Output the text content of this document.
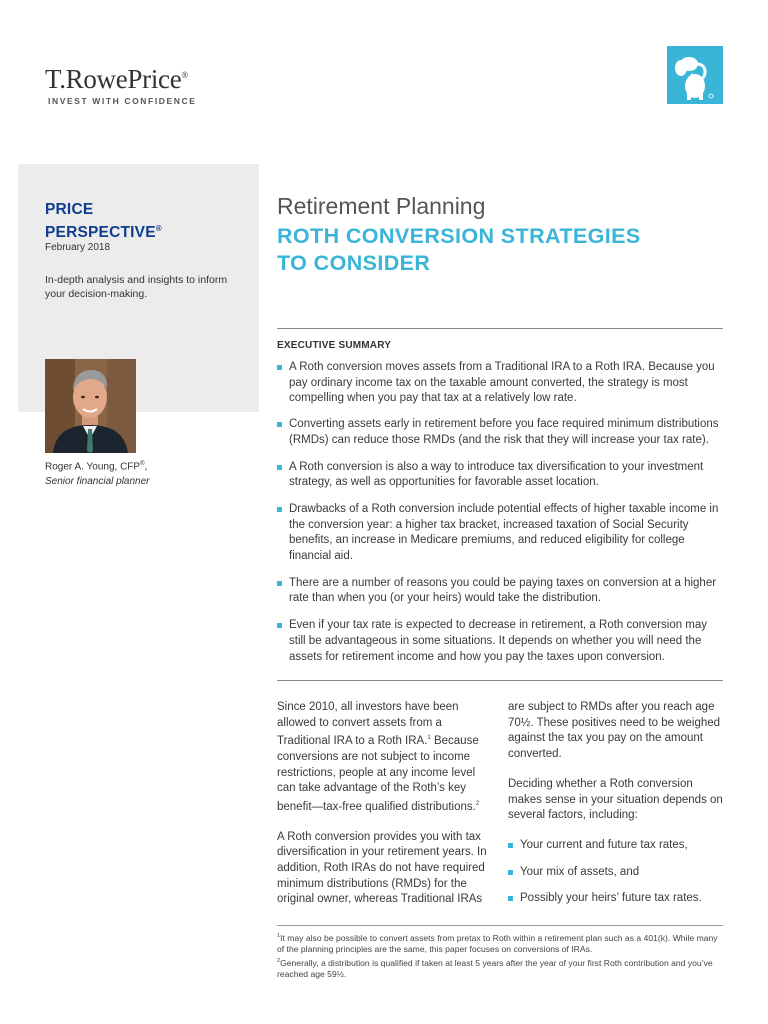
T.RowePrice®
INVEST WITH CONFIDENCE
PRICE
PERSPECTIVE®
February 2018
In-depth analysis and insights to inform your decision-making.
Roger A. Young, CFP®,
Senior financial planner
Retirement Planning
ROTH CONVERSION STRATEGIES
TO CONSIDER
EXECUTIVE SUMMARY
A Roth conversion moves assets from a Traditional IRA to a Roth IRA. Because you pay ordinary income tax on the taxable amount converted, the strategy is most compelling when you pay that tax at a relatively low rate.
Converting assets early in retirement before you face required minimum distributions (RMDs) can reduce those RMDs (and the risk that they will increase your tax rate).
A Roth conversion is also a way to introduce tax diversification to your investment strategy, as well as opportunities for favorable asset location.
Drawbacks of a Roth conversion include potential effects of higher taxable income in the conversion year: a higher tax bracket, increased taxation of Social Security benefits, an increase in Medicare premiums, and reduced eligibility for college financial aid.
There are a number of reasons you could be paying taxes on conversion at a higher rate than when you (or your heirs) would take the distribution.
Even if your tax rate is expected to decrease in retirement, a Roth conversion may still be advantageous in some situations. It depends on whether you will need the assets for retirement income and how you pay the taxes upon conversion.

Since 2010, all investors have been allowed to convert assets from a Traditional IRA to a Roth IRA.$^1$ Because conversions are not subject to income restrictions, people at any income level can take advantage of the Roth’s key benefit—tax-free qualified distributions.$^2$

A Roth conversion provides you with tax diversification in your retirement years. In addition, Roth IRAs do not have required minimum distributions (RMDs) for the original owner, whereas Traditional IRAs

are subject to RMDs after you reach age 70½. These positives need to be weighed against the tax you pay on the amount converted.

Deciding whether a Roth conversion makes sense in your situation depends on several factors, including:

Your current and future tax rates,
Your mix of assets, and
Possibly your heirs’ future tax rates.
$^1$It may also be possible to convert assets from pretax to Roth within a retirement plan such as a 401(k). While many of the planning principles are the same, this paper focuses on conversions of IRAs.
$^2$Generally, a distribution is qualified if taken at least 5 years after the year of your first Roth contribution and you’ve reached age 59½.
